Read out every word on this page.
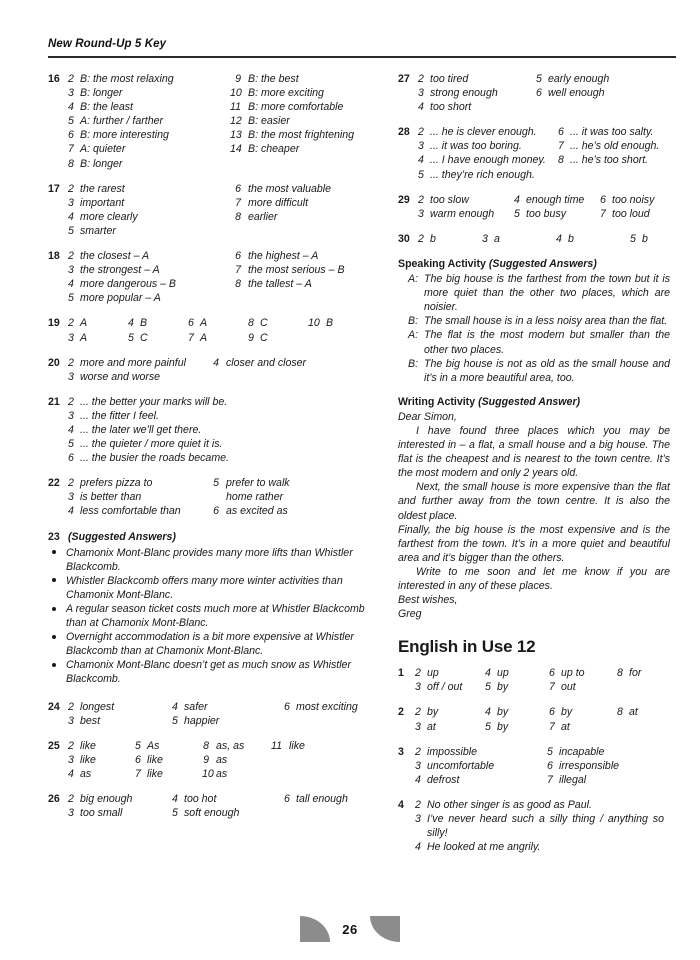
New Round-Up 5 Key
16 2 B: the most relaxing	9 B: the best
3 B: longer	10 B: more exciting
4 B: the least	11 B: more comfortable
5 A: further / farther	12 B: easier
6 B: more interesting	13 B: the most frightening
7 A: quieter	14 B: cheaper
8 B: longer
17 2 the rarest	6 the most valuable
3 important	7 more difficult
4 more clearly	8 earlier
5 smarter
18 2 the closest – A	6 the highest – A
3 the strongest – A	7 the most serious – B
4 more dangerous – B	8 the tallest – A
5 more popular – A
19 2 A	4 B	6 A	8 C	10 B
3 A	5 C	7 A	9 C
20 2 more and more painful	4 closer and closer
3 worse and worse
21 2 ... the better your marks will be.
3 ... the fitter I feel.
4 ... the later we’ll get there.
5 ... the quieter / more quiet it is.
6 ... the busier the roads became.
22 2 prefers pizza to	5 prefer to walk
3 is better than	home rather
4 less comfortable than	6 as excited as
23 (Suggested Answers)
Chamonix Mont-Blanc provides many more lifts than Whistler Blackcomb.
Whistler Blackcomb offers many more winter activities than Chamonix Mont-Blanc.
A regular season ticket costs much more at Whistler Blackcomb than at Chamonix Mont-Blanc.
Overnight accommodation is a bit more expensive at Whistler Blackcomb than at Chamonix Mont-Blanc.
Chamonix Mont-Blanc doesn’t get as much snow as Whistler Blackcomb.
24 2 longest	4 safer	6 most exciting
3 best	5 happier
25 2 like	5 As	8 as, as	11 like
3 like	6 like	9 as
4 as	7 like	10 as
26 2 big enough	4 too hot	6 tall enough
3 too small	5 soft enough
27 2 too tired	5 early enough
3 strong enough	6 well enough
4 too short
28 2 ... he is clever enough.	6 ... it was too salty.
3 ... it was too boring.	7 ... he’s old enough.
4 ... I have enough money.	8 ... he’s too short.
5 ... they’re rich enough.
29 2 too slow	4 enough time	6 too noisy
3 warm enough	5 too busy	7 too loud
30 2 b	3 a	4 b	5 b
Speaking Activity (Suggested Answers)
A: The big house is the farthest from the town but it is more quiet than the other two places, which are noisier.
B: The small house is in a less noisy area than the flat.
A: The flat is the most modern but smaller than the other two places.
B: The big house is not as old as the small house and it’s in a more beautiful area, too.
Writing Activity (Suggested Answer)

Dear Simon,

I have found three places which you may be interested in – a flat, a small house and a big house. The flat is the cheapest and is nearest to the town centre. It’s the most modern and only 2 years old.

Next, the small house is more expensive than the flat and further away from the town centre. It is also the oldest place.

Finally, the big house is the most expensive and is the farthest from the town. It’s in a more quiet and beautiful area and it’s bigger than the others.

Write to me soon and let me know if you are interested in any of these places.

Best wishes,

Greg

English in Use 12
1	2 up	4 up	6 up to	8 for
3 off / out	5 by	7 out
2	2 by	4 by	6 by	8 at
3 at	5 by	7 at
3	2 impossible	5 incapable
3 uncomfortable	6 irresponsible
4 defrost	7 illegal
4	2 No other singer is as good as Paul.
3 I’ve never heard such a silly thing / anything so silly!
4 He looked at me angrily.
26
